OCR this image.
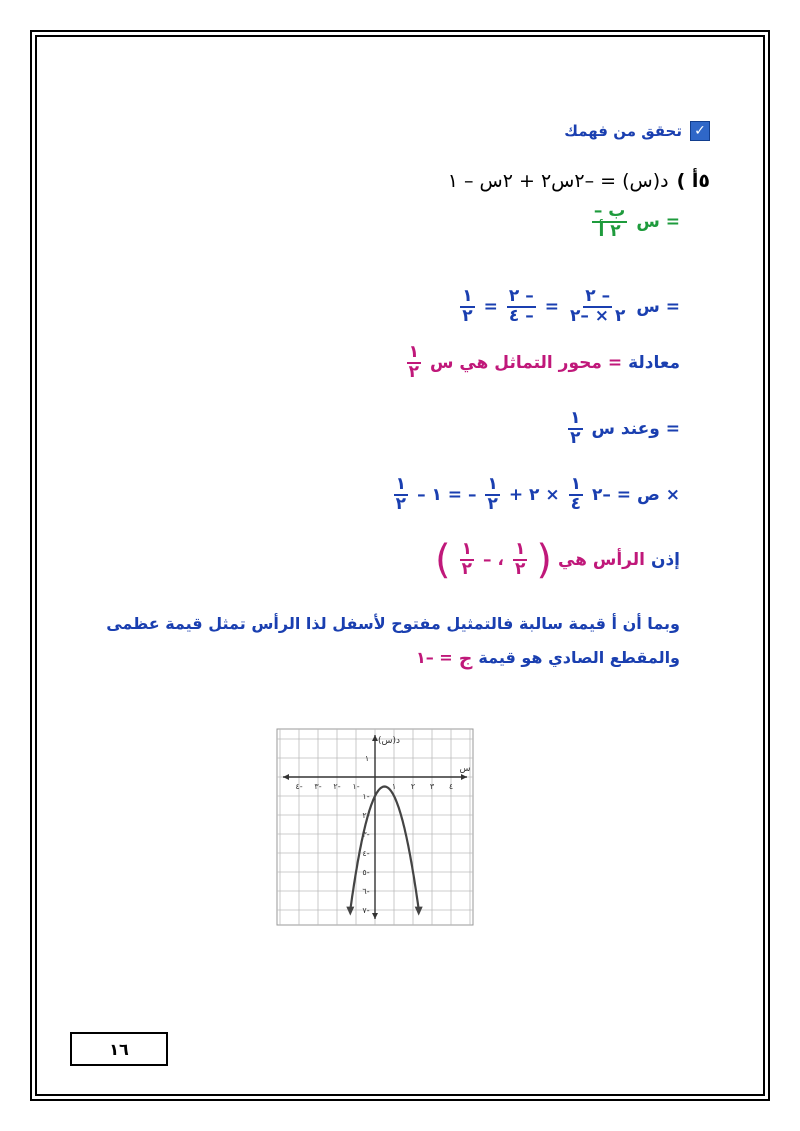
✓
تحقق من فهمك
٥أ )
د(س) = –٢س٢ + ٢س – ١
س =
$\frac{\text{– ب}}{\text{٢ أ}}$
س =
$\frac{٢ -}{٢ \times -٢}$
=
$\frac{٢ -}{٤ -}$
=
$\frac{١}{٢}$
معادلة
محور التماثل هي س =
$\frac{١}{٢}$
وعند س =
$\frac{١}{٢}$
ص = –٢ ×
$\frac{١}{٤}$
+ ٢ ×
$\frac{١}{٢}$
– ١ = –
$\frac{١}{٢}$
إذن
الرأس هي
)
$\frac{١}{٢}$
،
–
$\frac{١}{٢}$
(
وبما أن أ قيمة سالبة فالتمثيل مفتوح لأسفل لذا الرأس تمثل قيمة عظمى
والمقطع الصادي هو قيمة
ج
= –١
د(س)
س
٤- ٣- ٢- ١-	١ ٢ ٣ ٤
١
١-
٢-
٣-
٤-
٥-
٦-
٧-
١٦
